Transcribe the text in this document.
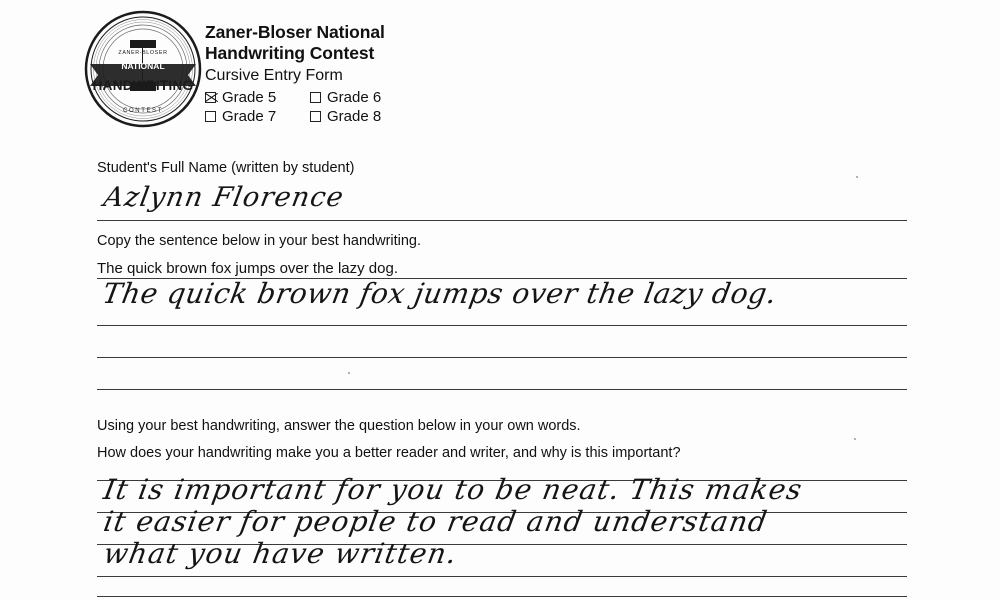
NATIONAL
HANDWRITING
ZANER-BLOSER
CONTEST
Zaner-Bloser National
Handwriting Contest
Cursive Entry Form
Grade 5	Grade 6
Grade 7	Grade 8
Student's Full Name (written by student)
Azlynn Florence
Copy the sentence below in your best handwriting.
The quick brown fox jumps over the lazy dog.
The quick brown fox jumps over the lazy dog.
Using your best handwriting, answer the question below in your own words.
How does your handwriting make you a better reader and writer, and why is this important?
It is important for you to be neat. This makes
it easier for people to read and understand
what you have written.
